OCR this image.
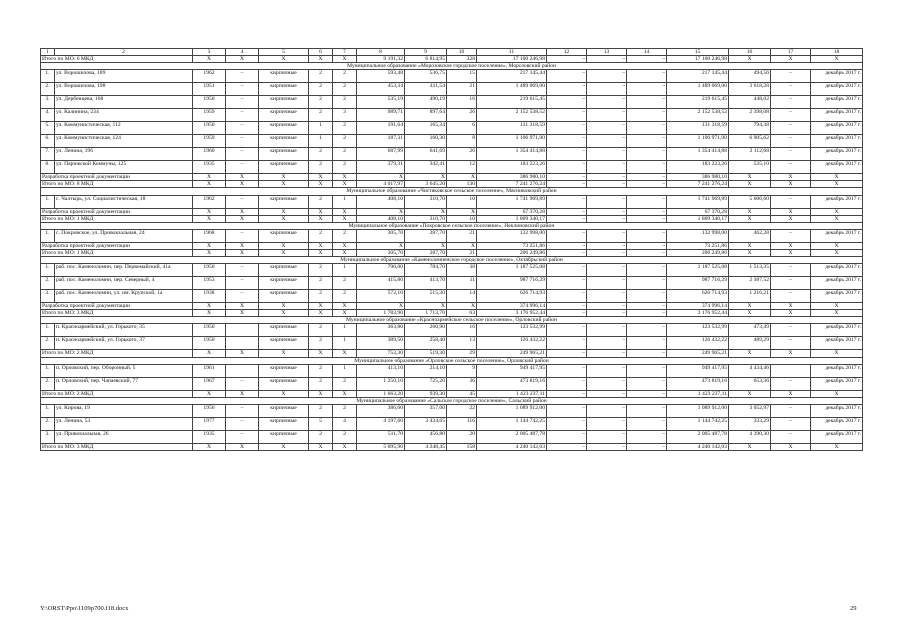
1	2	3	4	5	6	7	8	9	10	11	12	13	14	15	16	17	18
Итого по МО: 6 МКД		X	X	X	X	X	9 191,32	6 814,95	328	17 100 246,98	–	–	–	17 100 246,98	X	X	X
Муниципальное образование «Морозовское городское поселение», Морозовский район																	
1.	ул. Ворошилова, 189	1962	–	кирпичные	2	2	593,48	536,75	15	217 145,44	–	–	–	217 145,44	494,56	–	декабрь 2017 г.
2.	ул. Ворошилова, 198	1951	–	кирпичные	2	2	453,34	411,54	21	1 489 069,00	–	–	–	1 489 069,00	3 618,28	–	декабрь 2017 г.
3.	ул. Дербенцева, 168	1950	–	кирпичные	2	2	535,19	490,19	16	219 615,45	–	–	–	219 615,45	448,02	–	декабрь 2017 г.
4.	ул. Калинина, 234	1959	–	кирпичные	2	3	989,71	897,64	26	2 152 538,52	–	–	–	2 152 538,52	2 398,08	–	декабрь 2017 г.
5.	ул. Коммунистическая, 112	1950	–	кирпичные	1	2	191,64	165,34	6	131 318,59	–	–	–	131 318,59	794,38	–	декабрь 2017 г.
6.	ул. Коммунистическая, 124	1959	–	кирпичные	1	2	187,31	160,30	8	1 106 971,00	–	–	–	1 106 971,00	6 905,62	–	декабрь 2017 г.
7.	ул. Ленина, 196	1960	–	кирпичные	2	2	687,99	641,69	26	1 354 414,88	–	–	–	1 354 414,88	2 112,68	–	декабрь 2017 г.
8.	ул. Парижской Коммуны, 125	1935	–	кирпичные	2	2	379,31	342,41	12	183 223,26	–	–	–	183 223,26	535,10	–	декабрь 2017 г.
Разработка проектной документации		X	X	X	X	X	X	X	X	386 980,10	–	–	–	386 980,10	X	X	X
Итого по МО: 8 МКД		X	X	X	X	X	4 017,97	3 645,20	130	7 241 276,24	–	–	–	7 241 276,24	X	X	X
Муниципальное образование «Чистяковское сельское поселение», Мясниковский район																	
1.	с. Чалтырь, ул. Социалистическая, 18	1962	–	кирпичные	2	1	408,10	310,70	10	1 741 969,89	–	–	–	1 741 969,89	5 606,60	–	декабрь 2017 г.
Разработка проектной документации		X	X	X	X	X	X	X	X	67 370,28	–	–	–	67 370,28	X	X	X
Итого по МО: 1 МКД		X	X	X	X	X	408,10	310,70	10	1 809 340,17	–	–	–	1 809 340,17	X	X	X
Муниципальное образование «Покровское сельское поселение», Неклиновский район																	
1.	с. Покровское, ул. Привокзальная, 24	1968	–	кирпичные	2	2	305,70	287,70	21	132 998,00	–	–	–	132 998,00	462,28	–	декабрь 2017 г.
Разработка проектной документации		X	X	X	X	X	X	X	X	73 251,86	–	–	–	73 251,86	X	X	X
Итого по МО: 1 МКД		X	X	X	X	X	305,70	287,70	21	206 249,86	–	–	–	206 249,86	X	X	X
Муниципальное образование «Каменоломненское городское поселение», Октябрьский район																	
1.	раб. пос. Каменоломни, пер. Первомайский, 41а	1950	–	кирпичные	2	1	796,00	784,70	38	1 187 525,08	–	–	–	1 187 525,08	1 513,35	–	декабрь 2017 г.
2.	раб. пос. Каменоломни, пер. Северный, 4	1953	–	кирпичные	2	2	415,80	413,70	11	987 716,29	–	–	–	987 716,29	2 387,52	–	декабрь 2017 г.
3.	раб. пос. Каменоломни, ул. им. Крупской, 1а	1938	–	кирпичные	2	2	572,10	515,30	14	626 714,93	–	–	–	626 714,93	1 216,21	–	декабрь 2017 г.
Разработка проектной документации		X	X	X	X	X	X	X	X	374 996,14	–	–	–	374 996,14	X	X	X
Итого по МО: 3 МКД		X	X	X	X	X	1 783,90	1 713,70	63	3 176 952,44	–	–	–	3 176 952,44	X	X	X
Муниципальное образование «Красноармейское сельское поселение», Орловский район																	
1.	п. Красноармейский, ул. Горького, 35	1950		кирпичные	2	1	363,80	260,90	16	123 532,99	–	–	–	123 532,99	473,49	–	декабрь 2017 г.
2.	п. Красноармейский, ул. Горького, 37	1950		кирпичные	2	1	389,50	258,40	13	126 432,22	–	–	–	126 432,22	489,29	–	декабрь 2017 г.
Итого по МО: 2 МКД		X	X	X	X	X	753,30	519,30	29	249 965,21	–	–	–	249 965,21	X	X	X
Муниципальное образование «Орловское сельское поселение», Орловский район																	
1.	п. Орловский, пер. Оборонный, 5	1961		кирпичные	2	1	413,10	214,10	9	949 417,95	–	–	–	949 417,95	4 434,46		декабрь 2017 г.
2.	п. Орловский, пер. Чапаевский, 77	1967	–	кирпичные	2	2	1 250,10	725,20	36	473 819,16	–	–	–	473 819,16	653,36	–	декабрь 2017 г.
Итого по МО: 2 МКД		X	X	X	X	X	1 663,20	939,30	45	1 423 237,11	–	–	–	1 423 237,11	X	X	X
Муниципальное образование «Сальское городское поселение», Сальский район																	
1.	ул. Кирова, 19	1956	–	кирпичные	2	2	386,60	357,00	22	1 089 912,00	–	–	–	1 089 912,00	3 052,97	–	декабрь 2017 г.
2.	ул. Ленина, 53	1977	–	кирпичные	5	4	4 197,60	3 434,65	116	1 144 742,25	–	–	–	1 144 742,25	333,29	–	декабрь 2017 г.
3.	ул. Привокзальная, 26	1935	–	кирпичные	2	2	511,70	456,80	20	2 005 487,78	–	–	–	2 005 487,78	4 390,30	–	декабрь 2017 г.
Итого по МО: 3 МКД		X	X	X	X	X	5 095,90	4 248,45	158	4 240 142,03	–	–	–	4 240 142,03	X	X	X
Y:\ORST\Ppo\1109p700.f18.docx	29
